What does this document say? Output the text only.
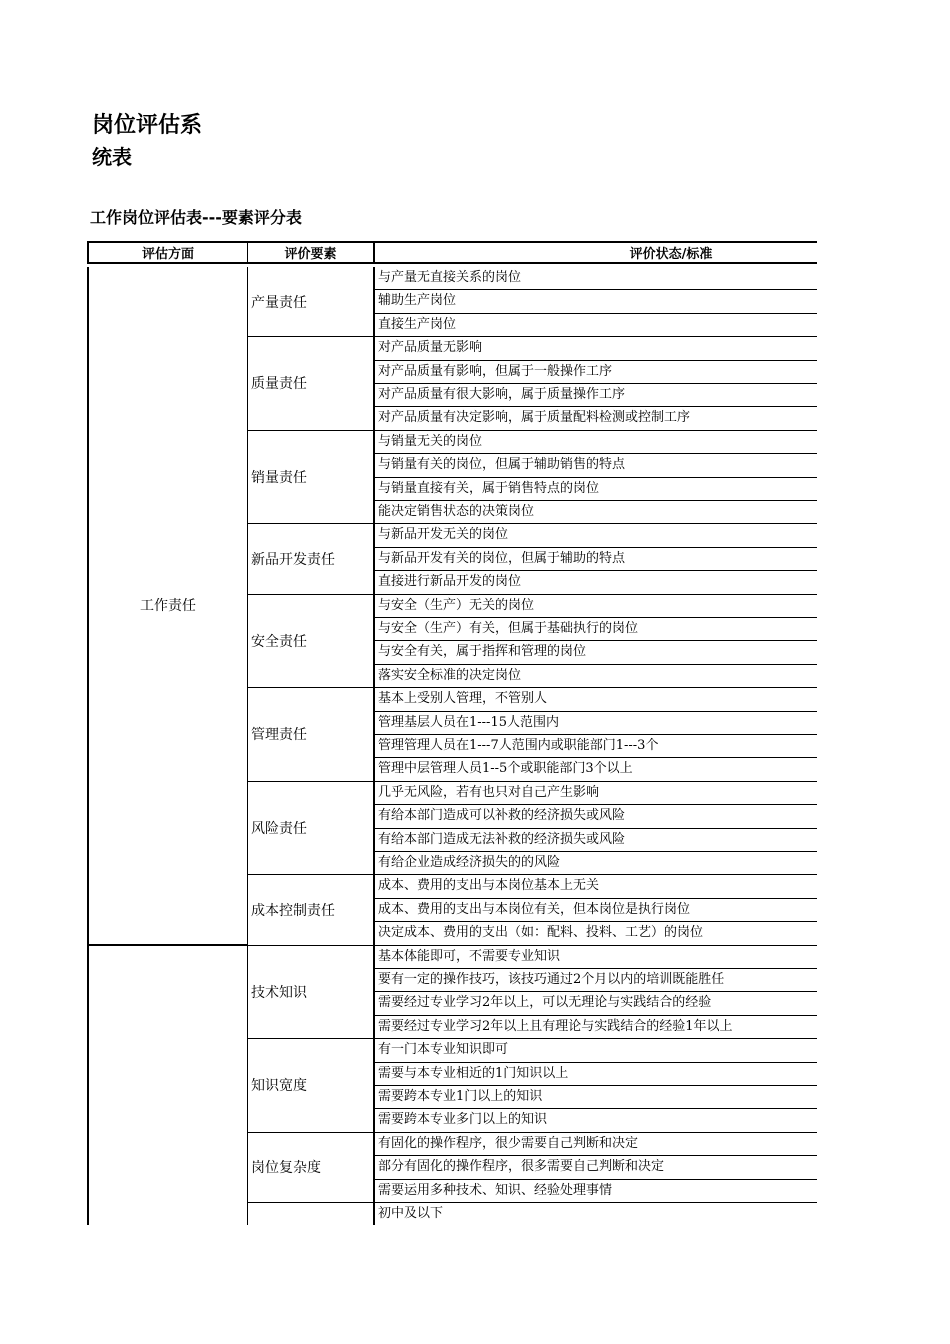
岗位评估系
统表
工作岗位评估表---要素评分表
评估方面	评价要素	评价状态/标准
与产量无直接关系的岗位
辅助生产岗位
直接生产岗位
产量责任
对产品质量无影响
对产品质量有影响，但属于一般操作工序
对产品质量有很大影响，属于质量操作工序
对产品质量有决定影响，属于质量配料检测或控制工序
质量责任
与销量无关的岗位
与销量有关的岗位，但属于辅助销售的特点
与销量直接有关，属于销售特点的岗位
能决定销售状态的决策岗位
销量责任
与新品开发无关的岗位
与新品开发有关的岗位，但属于辅助的特点
直接进行新品开发的岗位
新品开发责任
与安全（生产）无关的岗位
与安全（生产）有关，但属于基础执行的岗位
与安全有关，属于指挥和管理的岗位
落实安全标准的决定岗位
安全责任
基本上受别人管理，不管别人
管理基层人员在1---15人范围内
管理管理人员在1---7人范围内或职能部门1---3个
管理中层管理人员1--5个或职能部门3个以上
管理责任
几乎无风险，若有也只对自己产生影响
有给本部门造成可以补救的经济损失或风险
有给本部门造成无法补救的经济损失或风险
有给企业造成经济损失的的风险
风险责任
成本、费用的支出与本岗位基本上无关
成本、费用的支出与本岗位有关，但本岗位是执行岗位
决定成本、费用的支出（如：配料、投料、工艺）的岗位
成本控制责任
工作责任
基本体能即可，不需要专业知识
要有一定的操作技巧，该技巧通过2个月以内的培训既能胜任
需要经过专业学习2年以上，可以无理论与实践结合的经验
需要经过专业学习2年以上且有理论与实践结合的经验1年以上
技术知识
有一门本专业知识即可
需要与本专业相近的1门知识以上
需要跨本专业1门以上的知识
需要跨本专业多门以上的知识
知识宽度
有固化的操作程序，很少需要自己判断和决定
部分有固化的操作程序，很多需要自己判断和决定
需要运用多种技术、知识、经验处理事情
岗位复杂度
初中及以下
